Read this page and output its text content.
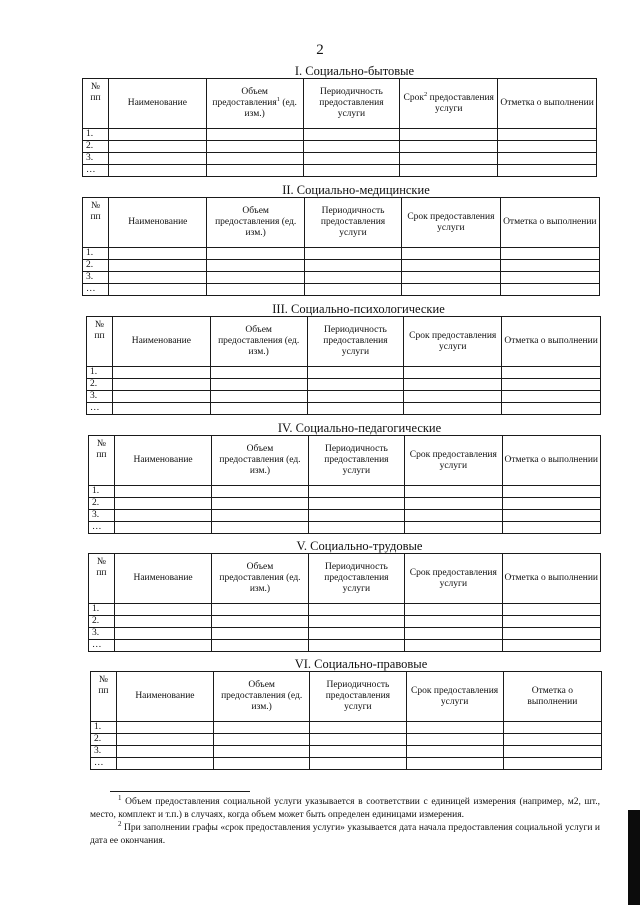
2
I. Социально-бытовые
№ пп	Наименование	Объем предоставления$^1$ (ед. изм.)	Периодичность предоставления услуги	Срок$^2$ предоставления услуги	Отметка о выполнении
1.					
2.					
3.					
…					
II. Социально-медицинские
№ пп	Наименование	Объем предоставления (ед. изм.)	Периодичность предоставления услуги	Срок предоставления услуги	Отметка о выполнении
1.					
2.					
3.					
…					
III. Социально-психологические
№ пп	Наименование	Объем предоставления (ед. изм.)	Периодичность предоставления услуги	Срок предоставления услуги	Отметка о выполнении
1.					
2.					
3.					
…					
IV. Социально-педагогические
№ пп	Наименование	Объем предоставления (ед. изм.)	Периодичность предоставления услуги	Срок предоставления услуги	Отметка о выполнении
1.					
2.					
3.					
…					
V. Социально-трудовые
№ пп	Наименование	Объем предоставления (ед. изм.)	Периодичность предоставления услуги	Срок предоставления услуги	Отметка о выполнении
1.					
2.					
3.					
…					
VI. Социально-правовые
№ пп	Наименование	Объем предоставления (ед. изм.)	Периодичность предоставления услуги	Срок предоставления услуги	Отметка о выполнении
1.					
2.					
3.					
…					
$^1$ Объем предоставления социальной услуги указывается в соответствии с единицей измерения (например, м2, шт., место, комплект и т.п.) в случаях, когда объем может быть определен единицами измерения.
$^2$ При заполнении графы «срок предоставления услуги» указывается дата начала предоставления социальной услуги и дата ее окончания.
